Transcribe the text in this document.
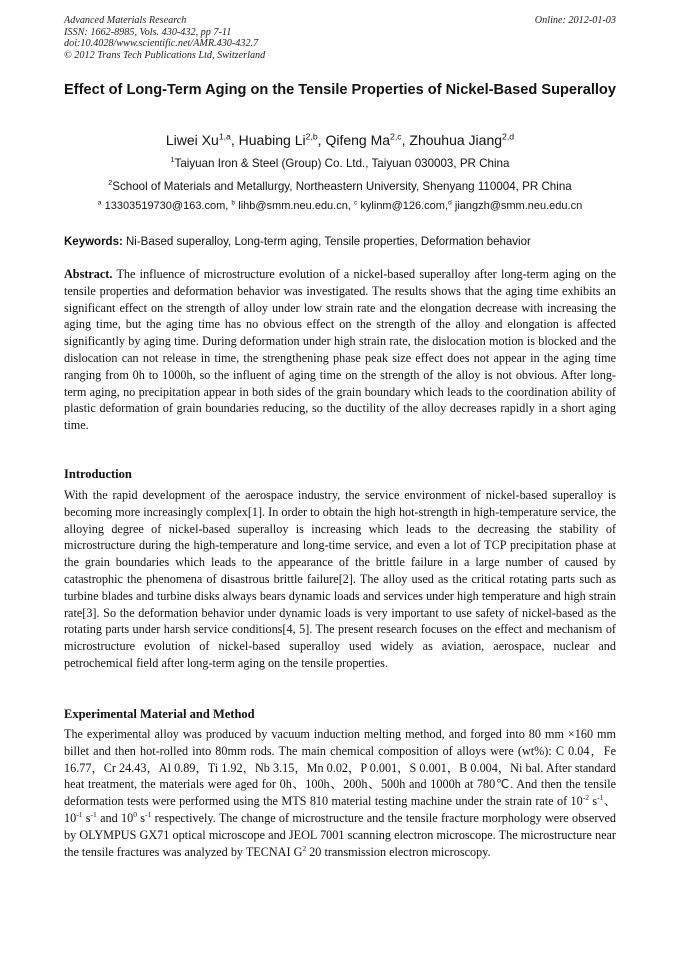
Advanced Materials Research
ISSN: 1662-8985, Vols. 430-432, pp 7-11
doi:10.4028/www.scientific.net/AMR.430-432.7
© 2012 Trans Tech Publications Ltd, Switzerland
Online: 2012-01-03
Effect of Long-Term Aging on the Tensile Properties of Nickel-Based Superalloy
Liwei Xu$^{1,a}$, Huabing Li$^{2,b}$, Qifeng Ma$^{2,c}$, Zhouhua Jiang$^{2,d}$
$^1$Taiyuan Iron & Steel (Group) Co. Ltd., Taiyuan 030003, PR China
$^2$School of Materials and Metallurgy, Northeastern University, Shenyang 110004, PR China
$^a$ 13303519730@163.com, $^b$ lihb@smm.neu.edu.cn, $^c$ kylinm@126.com,$^d$ jiangzh@smm.neu.edu.cn
Keywords: Ni-Based superalloy, Long-term aging, Tensile properties, Deformation behavior
Abstract. The influence of microstructure evolution of a nickel-based superalloy after long-term aging on the tensile properties and deformation behavior was investigated. The results shows that the aging time exhibits an significant effect on the strength of alloy under low strain rate and the elongation decrease with increasing the aging time, but the aging time has no obvious effect on the strength of the alloy and elongation is affected significantly by aging time. During deformation under high strain rate, the dislocation motion is blocked and the dislocation can not release in time, the strengthening phase peak size effect does not appear in the aging time ranging from 0h to 1000h, so the influent of aging time on the strength of the alloy is not obvious. After long-term aging, no precipitation appear in both sides of the grain boundary which leads to the coordination ability of plastic deformation of grain boundaries reducing, so the ductility of the alloy decreases rapidly in a short aging time.
Introduction
With the rapid development of the aerospace industry, the service environment of nickel-based superalloy is becoming more increasingly complex[1]. In order to obtain the high hot-strength in high-temperature service, the alloying degree of nickel-based superalloy is increasing which leads to the decreasing the stability of microstructure during the high-temperature and long-time service, and even a lot of TCP precipitation phase at the grain boundaries which leads to the appearance of the brittle failure in a large number of caused by catastrophic the phenomena of disastrous brittle failure[2]. The alloy used as the critical rotating parts such as turbine blades and turbine disks always bears dynamic loads and services under high temperature and high strain rate[3]. So the deformation behavior under dynamic loads is very important to use safety of nickel-based as the rotating parts under harsh service conditions[4, 5]. The present research focuses on the effect and mechanism of microstructure evolution of nickel-based superalloy used widely as aviation, aerospace, nuclear and petrochemical field after long-term aging on the tensile properties.
Experimental Material and Method
The experimental alloy was produced by vacuum induction melting method, and forged into 80 mm ×160 mm billet and then hot-rolled into 80mm rods. The main chemical composition of alloys were (wt%): C 0.04，Fe 16.77，Cr 24.43，Al 0.89，Ti 1.92，Nb 3.15，Mn 0.02，P 0.001，S 0.001，B 0.004，Ni bal. After standard heat treatment, the materials were aged for 0h、100h、200h、500h and 1000h at 780℃. And then the tensile deformation tests were performed using the MTS 810 material testing machine under the strain rate of $10^{-2}$ $s^{-1}$、$10^{-1}$ $s^{-1}$ and $10^0$ $s^{-1}$ respectively. The change of microstructure and the tensile fracture morphology were observed by OLYMPUS GX71 optical microscope and JEOL 7001 scanning electron microscope. The microstructure near the tensile fractures was analyzed by TECNAI $G^2$ 20 transmission electron microscopy.
